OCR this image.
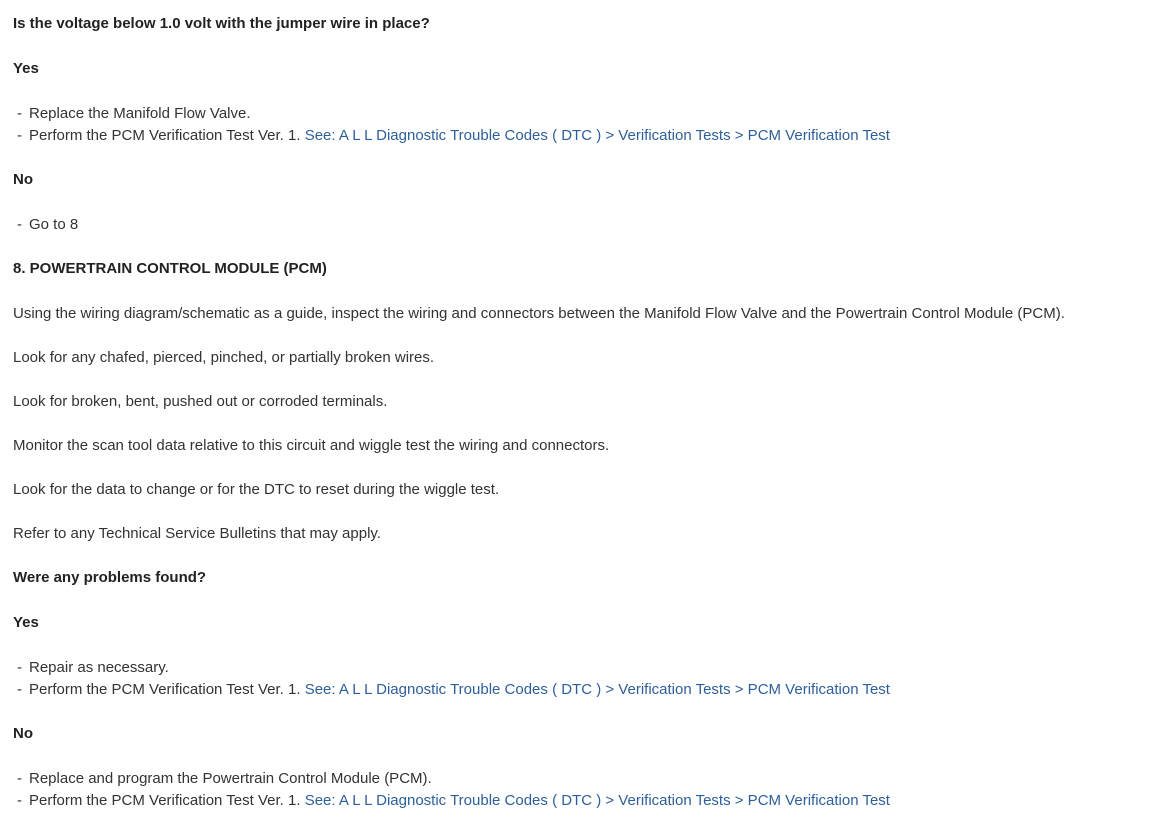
Is the voltage below 1.0 volt with the jumper wire in place?
Yes
- Replace the Manifold Flow Valve.
- Perform the PCM Verification Test Ver. 1. See: A L L Diagnostic Trouble Codes ( DTC ) > Verification Tests > PCM Verification Test
No
- Go to 8
8. POWERTRAIN CONTROL MODULE (PCM)
Using the wiring diagram/schematic as a guide, inspect the wiring and connectors between the Manifold Flow Valve and the Powertrain Control Module (PCM).
Look for any chafed, pierced, pinched, or partially broken wires.
Look for broken, bent, pushed out or corroded terminals.
Monitor the scan tool data relative to this circuit and wiggle test the wiring and connectors.
Look for the data to change or for the DTC to reset during the wiggle test.
Refer to any Technical Service Bulletins that may apply.
Were any problems found?
Yes
- Repair as necessary.
- Perform the PCM Verification Test Ver. 1. See: A L L Diagnostic Trouble Codes ( DTC ) > Verification Tests > PCM Verification Test
No
- Replace and program the Powertrain Control Module (PCM).
- Perform the PCM Verification Test Ver. 1. See: A L L Diagnostic Trouble Codes ( DTC ) > Verification Tests > PCM Verification Test
